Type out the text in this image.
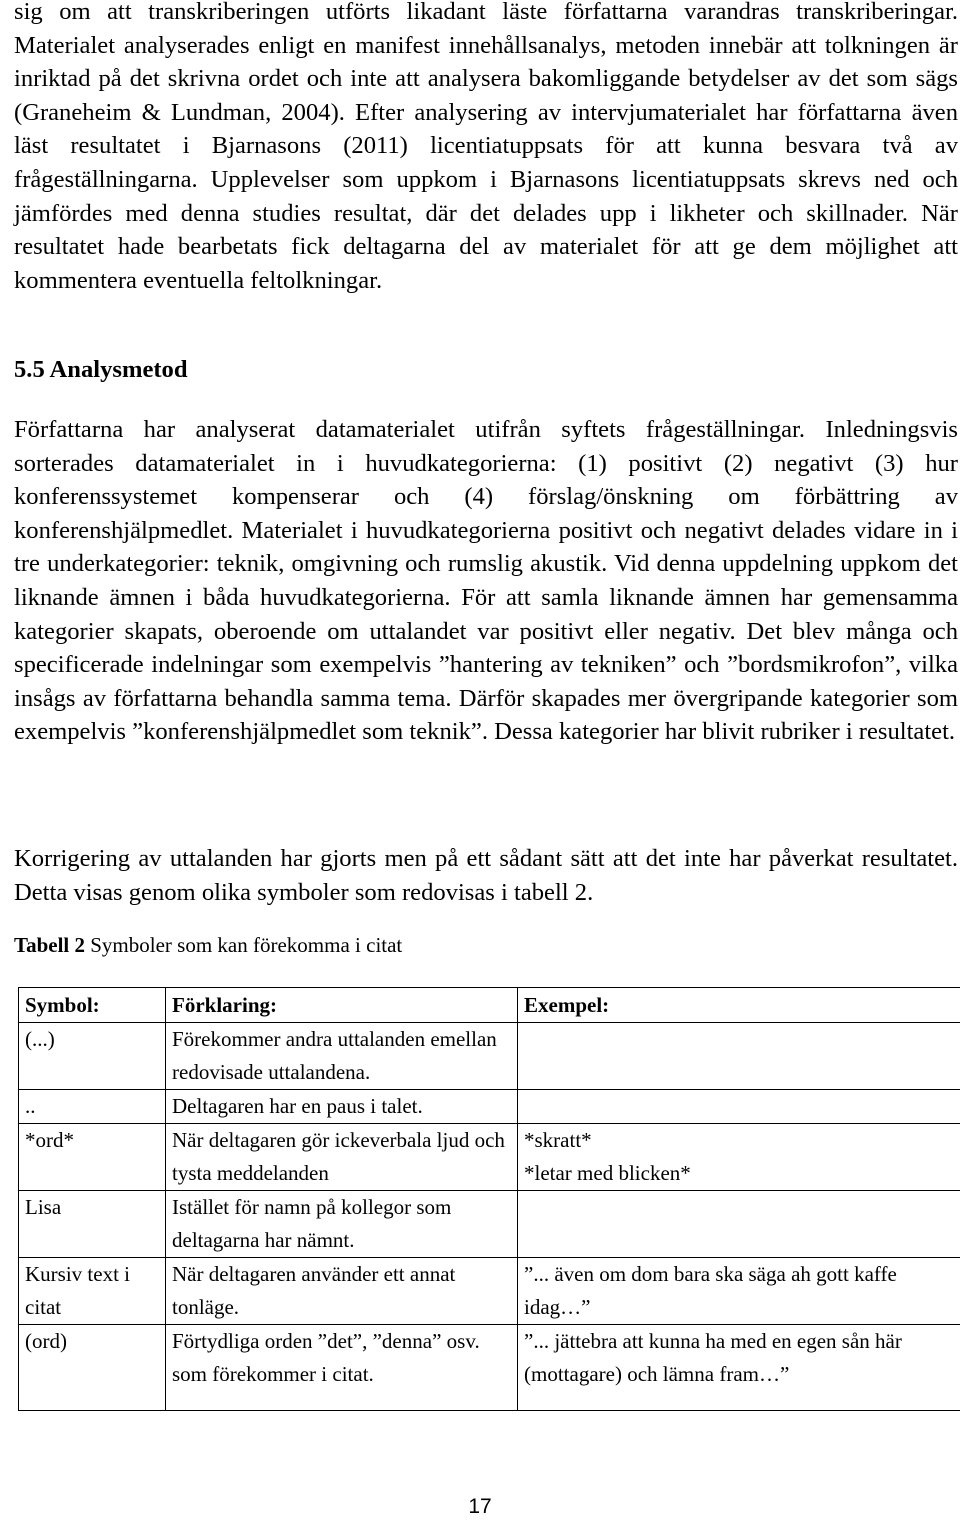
sig om att transkriberingen utförts likadant läste författarna varandras transkriberingar. Materialet analyserades enligt en manifest innehållsanalys, metoden innebär att tolkningen är inriktad på det skrivna ordet och inte att analysera bakomliggande betydelser av det som sägs (Graneheim & Lundman, 2004). Efter analysering av intervjumaterialet har författarna även läst resultatet i Bjarnasons (2011) licentiatuppsats för att kunna besvara två av frågeställningarna. Upplevelser som uppkom i Bjarnasons licentiatuppsats skrevs ned och jämfördes med denna studies resultat, där det delades upp i likheter och skillnader. När resultatet hade bearbetats fick deltagarna del av materialet för att ge dem möjlighet att kommentera eventuella feltolkningar.

5.5 Analysmetod

Författarna har analyserat datamaterialet utifrån syftets frågeställningar. Inledningsvis sorterades datamaterialet in i huvudkategorierna: (1) positivt (2) negativt (3) hur konferenssystemet kompenserar och (4) förslag/önskning om förbättring av konferenshjälpmedlet. Materialet i huvudkategorierna positivt och negativt delades vidare in i tre underkategorier: teknik, omgivning och rumslig akustik. Vid denna uppdelning uppkom det liknande ämnen i båda huvudkategorierna. För att samla liknande ämnen har gemensamma kategorier skapats, oberoende om uttalandet var positivt eller negativ. Det blev många och specificerade indelningar som exempelvis ”hantering av tekniken” och ”bordsmikrofon”, vilka insågs av författarna behandla samma tema. Därför skapades mer övergripande kategorier som exempelvis ”konferenshjälpmedlet som teknik”. Dessa kategorier har blivit rubriker i resultatet.

Korrigering av uttalanden har gjorts men på ett sådant sätt att det inte har påverkat resultatet. Detta visas genom olika symboler som redovisas i tabell 2.

Tabell 2 Symboler som kan förekomma i citat

Symbol:	Förklaring:	Exempel:
(...)	Förekommer andra uttalanden emellan redovisade uttalandena.	
..	Deltagaren har en paus i talet.	
*ord*	När deltagaren gör ickeverbala ljud och tysta meddelanden	*skratt*
*letar med blicken*
Lisa	Istället för namn på kollegor som deltagarna har nämnt.	
Kursiv text i citat	När deltagaren använder ett annat tonläge.	”... även om dom bara ska säga ah gott kaffe idag…”
(ord)	Förtydliga orden ”det”, ”denna” osv. som förekommer i citat.	”... jättebra att kunna ha med en egen sån här (mottagare) och lämna fram…”
17
